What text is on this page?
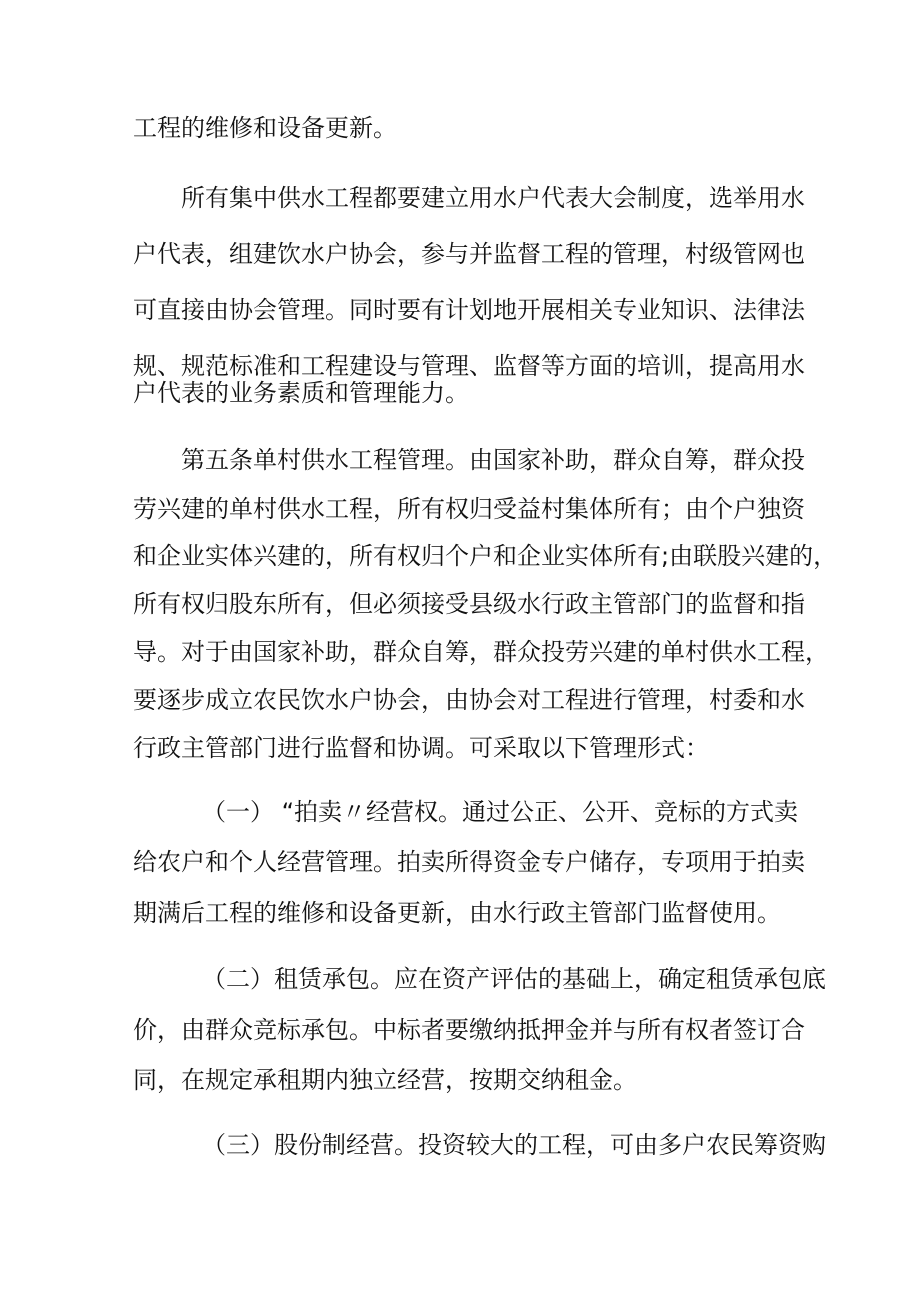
工程的维修和设备更新。

所有集中供水工程都要建立用水户代表大会制度，选举用水

户代表，组建饮水户协会，参与并监督工程的管理，村级管网也

可直接由协会管理。同时要有计划地开展相关专业知识、法律法

规、规范标准和工程建设与管理、监督等方面的培训，提高用水

户代表的业务素质和管理能力。

第五条单村供水工程管理。由国家补助，群众自筹，群众投

劳兴建的单村供水工程，所有权归受益村集体所有；由个户独资

和企业实体兴建的，所有权归个户和企业实体所有;由联股兴建的，

所有权归股东所有，但必须接受县级水行政主管部门的监督和指

导。对于由国家补助，群众自筹，群众投劳兴建的单村供水工程，

要逐步成立农民饮水户协会，由协会对工程进行管理，村委和水

行政主管部门进行监督和协调。可采取以下管理形式：

（一） “拍卖〃经营权。通过公正、公开、竞标的方式卖

给农户和个人经营管理。拍卖所得资金专户储存，专项用于拍卖

期满后工程的维修和设备更新，由水行政主管部门监督使用。

（二）租赁承包。应在资产评估的基础上，确定租赁承包底

价，由群众竞标承包。中标者要缴纳抵押金并与所有权者签订合

同，在规定承租期内独立经营，按期交纳租金。

（三）股份制经营。投资较大的工程，可由多户农民筹资购
